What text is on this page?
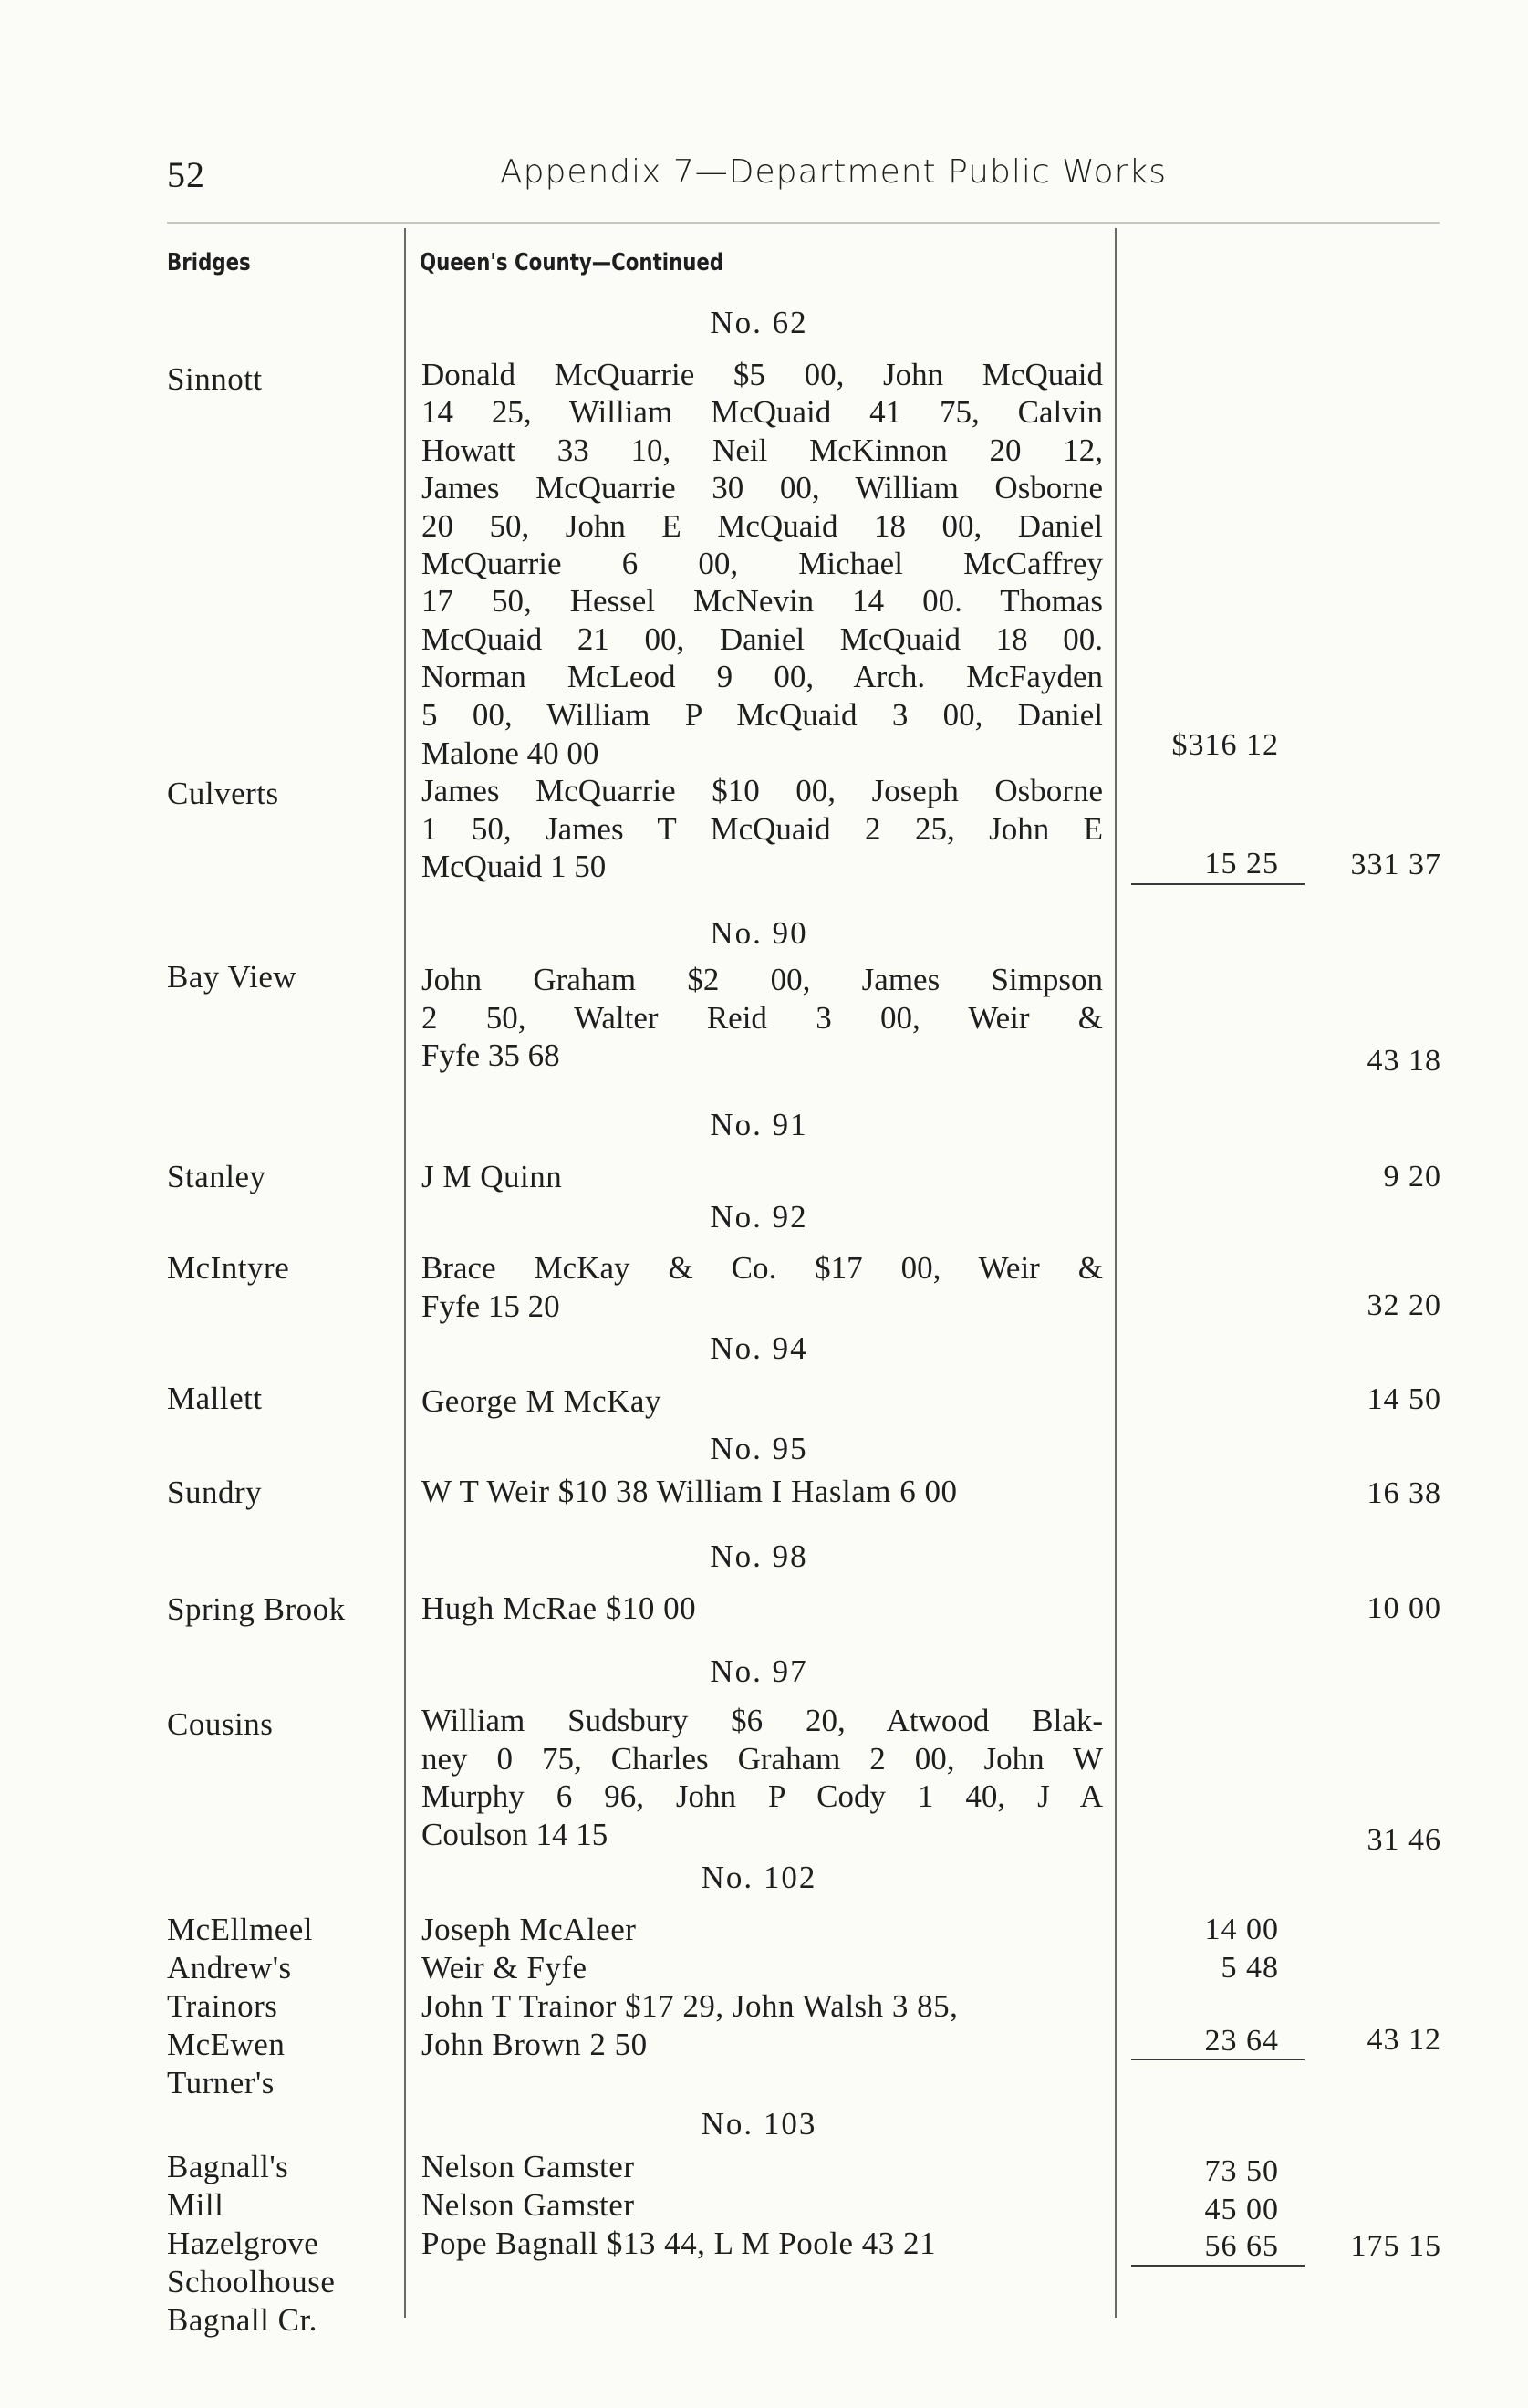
52	Appendix 7—Department Public Works
Bridges	Queen's County—Continued
Sinnott
Culverts
Bay View
Stanley
McIntyre
Mallett
Sundry
Spring Brook
Cousins
McEllmeel
Andrew's
Trainors
McEwen
Turner's
Bagnall's
Mill
Hazelgrove
Schoolhouse
Bagnall Cr.
No. 62
No. 90
No. 91
No. 92
No. 94
No. 95
No. 98
No. 97
No. 102
No. 103
Donald McQuarrie $5 00, John McQuaid
14 25, William McQuaid 41 75, Calvin
Howatt 33 10, Neil McKinnon 20 12,
James McQuarrie 30 00, William Osborne
20 50, John E McQuaid 18 00, Daniel
McQuarrie 6 00, Michael McCaffrey
17 50, Hessel McNevin 14 00. Thomas
McQuaid 21 00, Daniel McQuaid 18 00.
Norman McLeod 9 00, Arch. McFayden
5 00, William P McQuaid 3 00, Daniel
Malone 40 00
James McQuarrie $10 00, Joseph Osborne
1 50, James T McQuaid 2 25, John E
McQuaid 1 50
John Graham $2 00, James Simpson
2 50, Walter Reid 3 00, Weir &
Fyfe 35 68
J M Quinn
Brace McKay & Co. $17 00, Weir &
Fyfe 15 20
George M McKay
W T Weir $10 38 William I Haslam 6 00
Hugh McRae $10 00
William Sudsbury $6 20, Atwood Blak-
ney 0 75, Charles Graham 2 00, John W
Murphy 6 96, John P Cody 1 40, J A
Coulson 14 15
Joseph McAleer
Weir & Fyfe
John T Trainor $17 29, John Walsh 3 85,
John Brown 2 50
Nelson Gamster
Nelson Gamster
Pope Bagnall $13 44, L M Poole 43 21
$316 12
15 25
14 00
5 48
23 64
73 50
45 00
56 65
331 37
43 18
9 20
32 20
14 50
16 38
10 00
31 46
43 12
175 15
